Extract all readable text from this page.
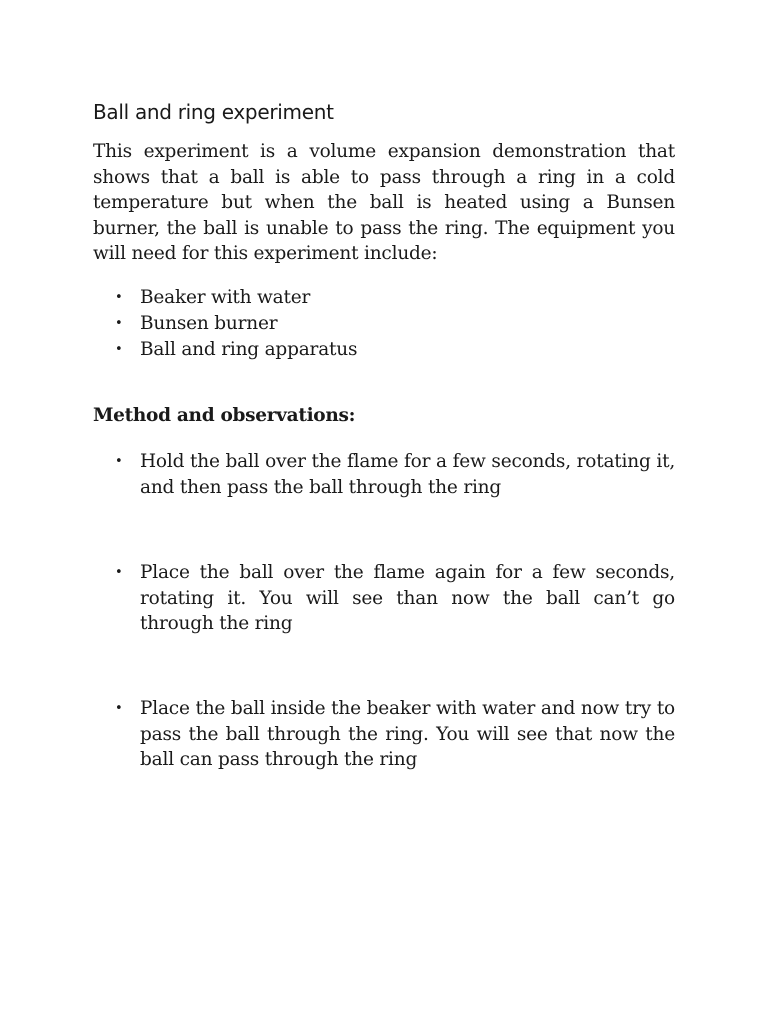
Ball and ring experiment

This experiment is a volume expansion demonstration that shows that a ball is able to pass through a ring in a cold temperature but when the ball is heated using a Bunsen burner, the ball is unable to pass the ring. The equipment you will need for this experiment include:

• Beaker with water
• Bunsen burner
• Ball and ring apparatus
Method and observations:
• Hold the ball over the flame for a few seconds, rotating it, and then pass the ball through the ring
• Place the ball over the flame again for a few seconds, rotating it. You will see than now the ball can’t go through the ring
• Place the ball inside the beaker with water and now try to pass the ball through the ring. You will see that now the ball can pass through the ring
